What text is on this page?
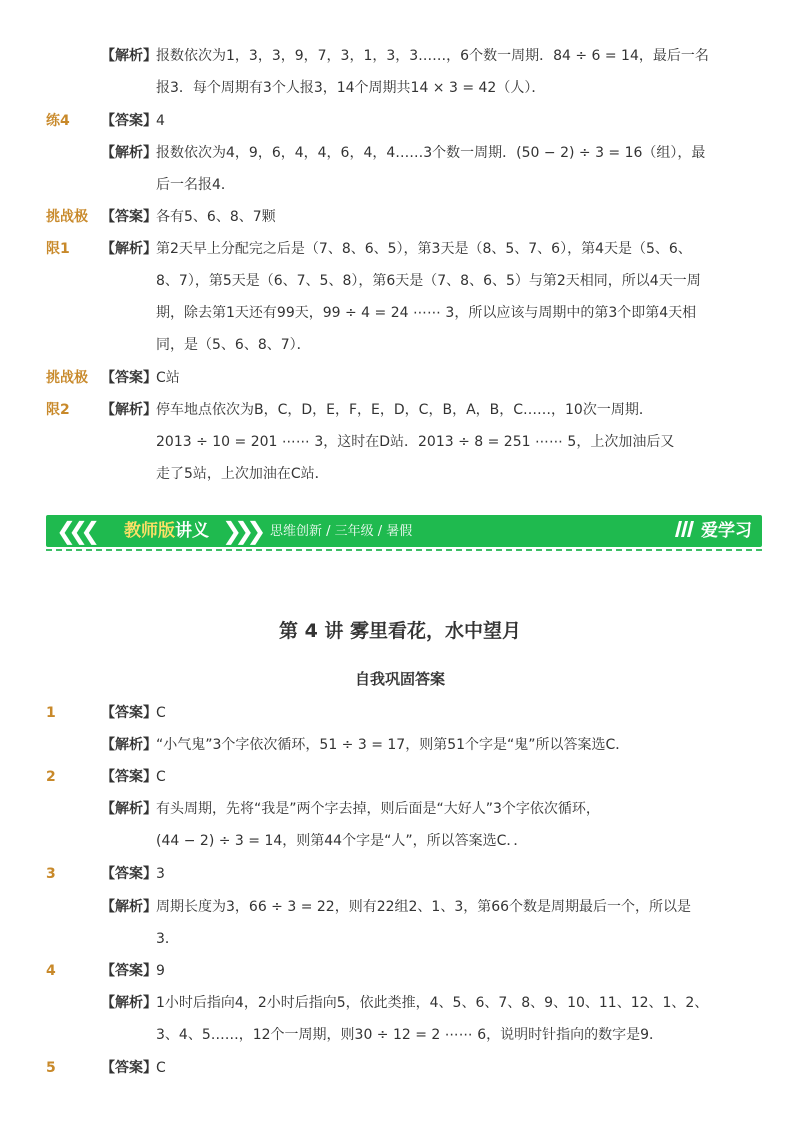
【解析】 报数依次为1，3，3，9，7，3，1，3，3……，6个数一周期．84 ÷ 6 = 14，最后一名
报3．每个周期有3个人报3，14个周期共14 × 3 = 42（人）．
练4 【答案】 4
【解析】 报数依次为4，9，6，4，4，6，4，4……3个数一周期．(50 − 2) ÷ 3 = 16（组），最
后一名报4．
挑战极 【答案】 各有5、6、8、7颗
限1 【解析】 第2天早上分配完之后是（7、8、6、5），第3天是（8、5、7、6），第4天是（5、6、
8、7），第5天是（6、7、5、8），第6天是（7、8、6、5）与第2天相同，所以4天一周
期，除去第1天还有99天，99 ÷ 4 = 24 ⋯⋯ 3，所以应该与周期中的第3个即第4天相
同，是（5、6、8、7）．
挑战极 【答案】 C站
限2 【解析】 停车地点依次为B，C，D，E，F，E，D，C，B，A，B，C……，10次一周期．
2013 ÷ 10 = 201 ⋯⋯ 3，这时在D站．2013 ÷ 8 = 251 ⋯⋯ 5，上次加油后又
走了5站，上次加油在C站．
❮❮❮ 教师版讲义 ❯❯❯ 思维创新 / 三年级 / 暑假	爱学习
第 4 讲 雾里看花，水中望月
自我巩固答案
1	【答案】 C
【解析】 “小气鬼”3个字依次循环，51 ÷ 3 = 17，则第51个字是“鬼”所以答案选C．
2	【答案】 C
【解析】 有头周期，先将“我是”两个字去掉，则后面是“大好人”3个字依次循环，
(44 − 2) ÷ 3 = 14，则第44个字是“人”，所以答案选C．．
3	【答案】 3
【解析】 周期长度为3，66 ÷ 3 = 22，则有22组2、1、3，第66个数是周期最后一个，所以是
3．
4	【答案】 9
【解析】 1小时后指向4，2小时后指向5，依此类推，4、5、6、7、8、9、10、11、12、1、2、
3、4、5……，12个一周期，则30 ÷ 12 = 2 ⋯⋯ 6，说明时针指向的数字是9．
5	【答案】 C
